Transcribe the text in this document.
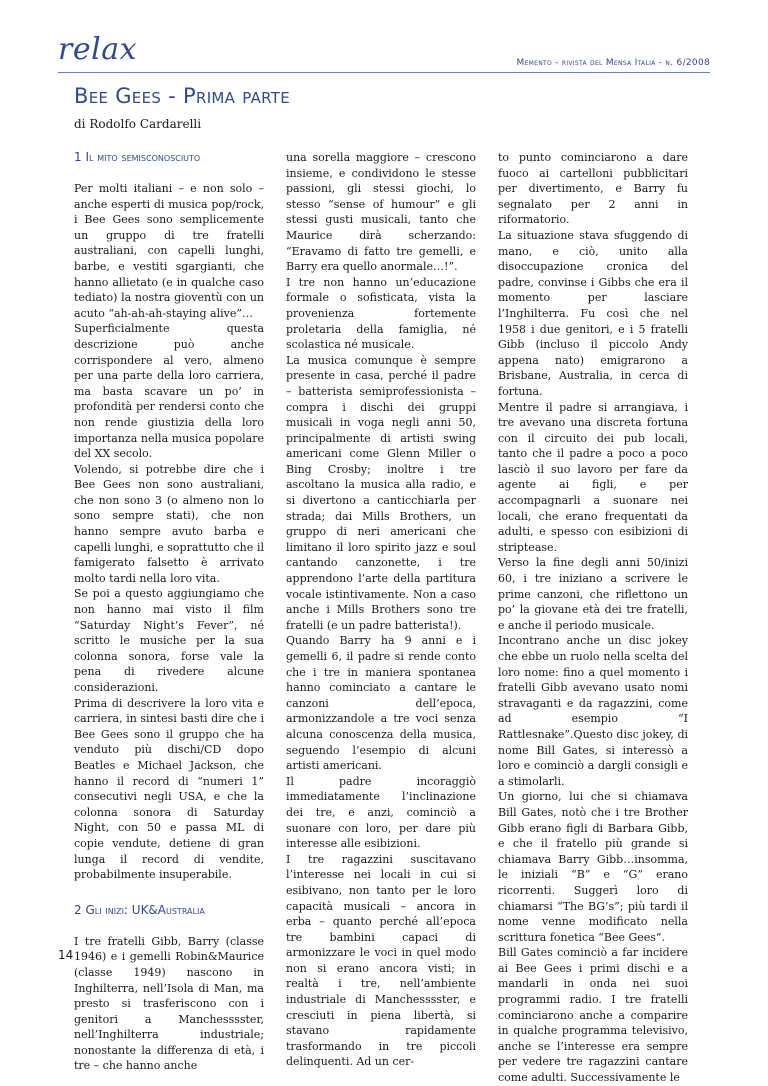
relax	Memento - rivista del Mensa Italia - n. 6/2008
Bee Gees - Prima parte
di Rodolfo Cardarelli
1 Il mito semisconosciuto

Per molti italiani – e non solo – anche esperti di musica pop/rock, i Bee Gees sono semplicemente un gruppo di tre fratelli australiani, con capelli lunghi, barbe, e vestiti sgargianti, che hanno allietato (e in qualche caso tediato) la nostra gioventù con un acuto “ah-ah-ah-staying alive”…

Superficialmente questa descrizione può anche corrispondere al vero, almeno per una parte della loro carriera, ma basta scavare un po’ in profondità per rendersi conto che non rende giustizia della loro importanza nella musica popolare del XX secolo.

Volendo, si potrebbe dire che i Bee Gees non sono australiani, che non sono 3 (o almeno non lo sono sempre stati), che non hanno sempre avuto barba e capelli lunghi, e soprattutto che il famigerato falsetto è arrivato molto tardi nella loro vita.

Se poi a questo aggiungiamo che non hanno mai visto il film “Saturday Night’s Fever”, né scritto le musiche per la sua colonna sonora, forse vale la pena di rivedere alcune considerazioni.

Prima di descrivere la loro vita e carriera, in sintesi basti dire che i Bee Gees sono il gruppo che ha venduto più dischi/CD dopo Beatles e Michael Jackson, che hanno il record di “numeri 1” consecutivi negli USA, e che la colonna sonora di Saturday Night, con 50 e passa ML di copie vendute, detiene di gran lunga il record di vendite, probabilmente insuperabile.

2 Gli inizi: UK&Australia

I tre fratelli Gibb, Barry (classe 1946) e i gemelli Robin&Maurice (classe 1949) nascono in Inghilterra, nell’Isola di Man, ma presto si trasferiscono con i genitori a Manchesssster, nell’Inghilterra industriale; nonostante la differenza di età, i tre – che hanno anche

una sorella maggiore – crescono insieme, e condividono le stesse passioni, gli stessi giochi, lo stesso “sense of humour” e gli stessi gusti musicali, tanto che Maurice dirà scherzando: “Eravamo di fatto tre gemelli, e Barry era quello anormale…!”.

I tre non hanno un’educazione formale o sofisticata, vista la provenienza fortemente proletaria della famiglia, né scolastica né musicale.

La musica comunque è sempre presente in casa, perché il padre – batterista semiprofessionista – compra i dischi dei gruppi musicali in voga negli anni 50, principalmente di artisti swing americani come Glenn Miller o Bing Crosby; inoltre i tre ascoltano la musica alla radio, e si divertono a canticchiarla per strada; dai Mills Brothers, un gruppo di neri americani che limitano il loro spirito jazz e soul cantando canzonette, i tre apprendono l’arte della partitura vocale istintivamente. Non a caso anche i Mills Brothers sono tre fratelli (e un padre batterista!).

Quando Barry ha 9 anni e i gemelli 6, il padre si rende conto che i tre in maniera spontanea hanno cominciato a cantare le canzoni dell’epoca, armonizzandole a tre voci senza alcuna conoscenza della musica, seguendo l’esempio di alcuni artisti americani.

Il padre incoraggiò immediatamente l’inclinazione dei tre, e anzi, cominciò a suonare con loro, per dare più interesse alle esibizioni.

I tre ragazzini suscitavano l’interesse nei locali in cui si esibivano, non tanto per le loro capacità musicali – ancora in erba – quanto perché all’epoca tre bambini capaci di armonizzare le voci in quel modo non si erano ancora visti; in realtà i tre, nell’ambiente industriale di Manchesssster, e cresciuti in piena libertà, si stavano rapidamente trasformando in tre piccoli delinquenti. Ad un cer-

to punto cominciarono a dare fuoco ai cartelloni pubblicitari per divertimento, e Barry fu segnalato per 2 anni in riformatorio.

La situazione stava sfuggendo di mano, e ciò, unito alla disoccupazione cronica del padre, convinse i Gibbs che era il momento per lasciare l’Inghilterra. Fu così che nel 1958 i due genitori, e i 5 fratelli Gibb (incluso il piccolo Andy appena nato) emigrarono a Brisbane, Australia, in cerca di fortuna.

Mentre il padre si arrangiava, i tre avevano una discreta fortuna con il circuito dei pub locali, tanto che il padre a poco a poco lasciò il suo lavoro per fare da agente ai figli, e per accompagnarli a suonare nei locali, che erano frequentati da adulti, e spesso con esibizioni di striptease.

Verso la fine degli anni 50/inizi 60, i tre iniziano a scrivere le prime canzoni, che riflettono un po’ la giovane età dei tre fratelli, e anche il periodo musicale.

Incontrano anche un disc jokey che ebbe un ruolo nella scelta del loro nome: fino a quel momento i fratelli Gibb avevano usato nomi stravaganti e da ragazzini, come ad esempio “I Rattlesnake”.Questo disc jokey, di nome Bill Gates, si interessò a loro e cominciò a dargli consigli e a stimolarli.

Un giorno, lui che si chiamava Bill Gates, notò che i tre Brother Gibb erano figli di Barbara Gibb, e che il fratello più grande si chiamava Barry Gibb…insomma, le iniziali “B” e “G” erano ricorrenti. Suggerì loro di chiamarsi “The BG’s”; più tardi il nome venne modificato nella scrittura fonetica “Bee Gees”.

Bill Gates cominciò a far incidere ai Bee Gees i primi dischi e a mandarli in onda nei suoi programmi radio. I tre fratelli cominciarono anche a comparire in qualche programma televisivo, anche se l’interesse era sempre per vedere tre ragazzini cantare come adulti. Successivamente le

14
